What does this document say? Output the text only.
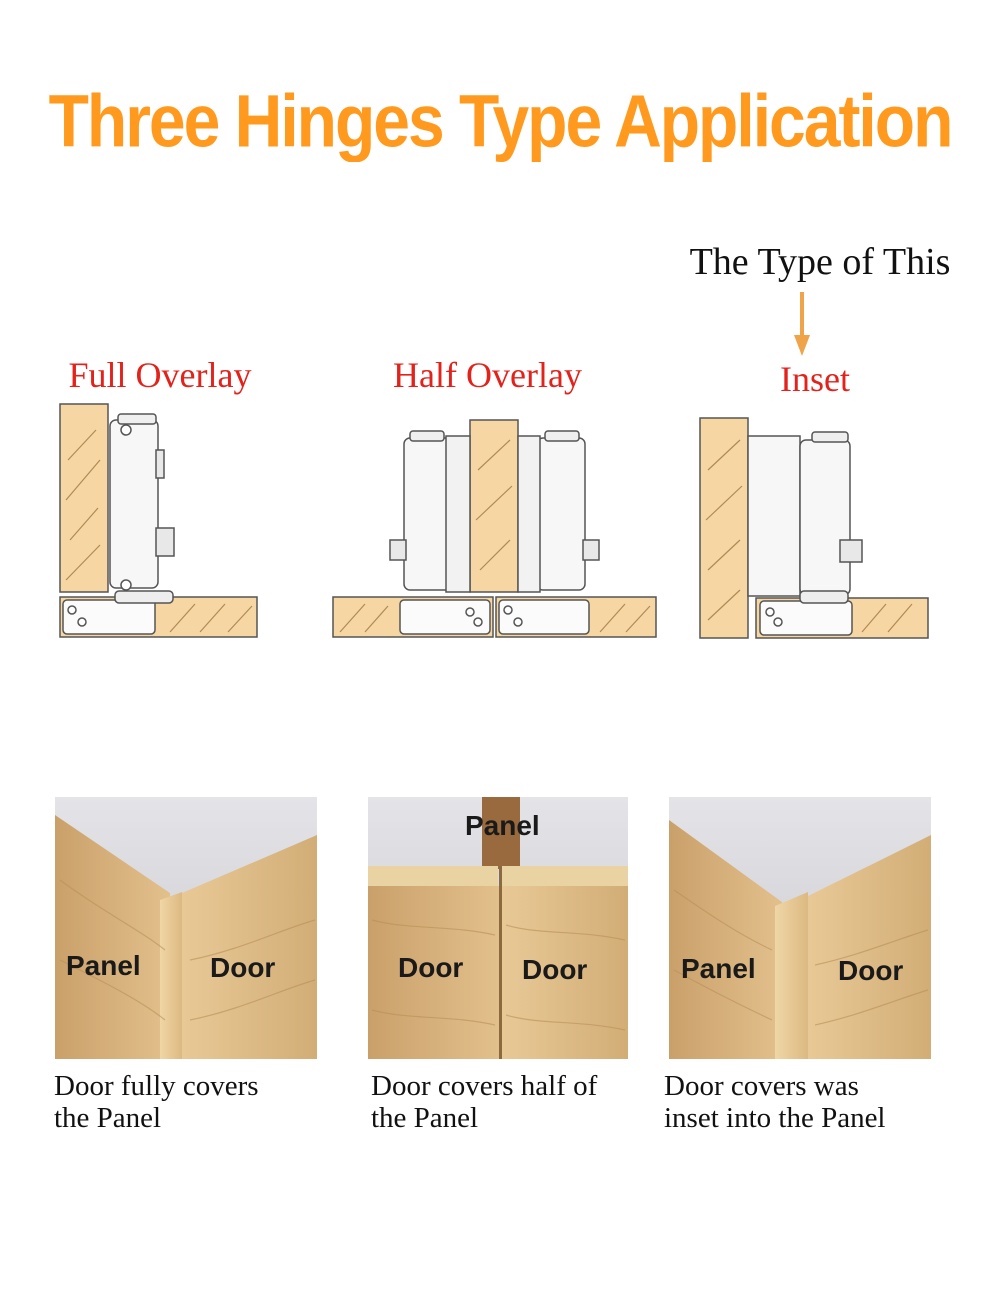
Three Hinges Type Application
The Type of This
Full Overlay	Half Overlay	Inset
Panel Door
Panel
Door Door	Panel	Door
Door fully covers
the Panel
Door covers half of
the Panel
Door covers was
inset into the Panel
